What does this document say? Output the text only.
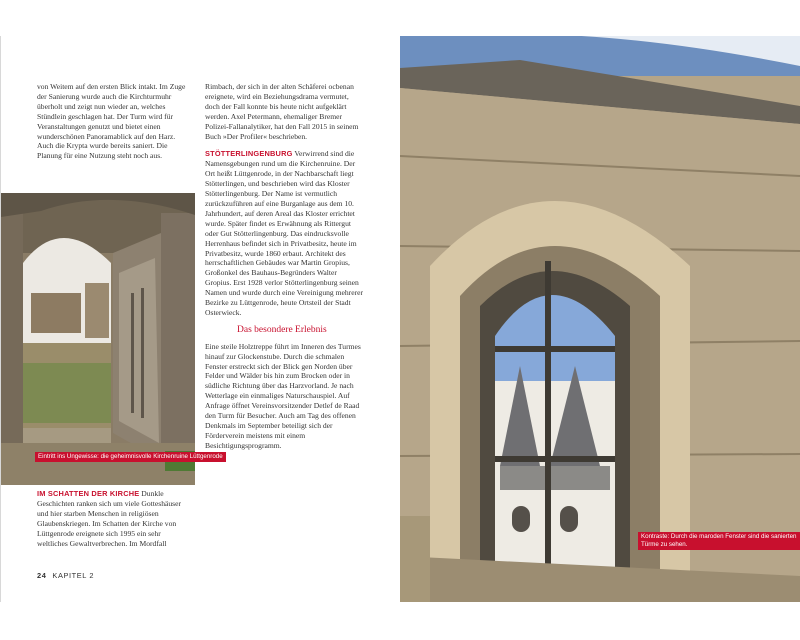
von Weitem auf den ersten Blick intakt. Im Zuge der Sanierung wurde auch die Kirchturmuhr überholt und zeigt nun wieder an, welches Stündlein geschlagen hat. Der Turm wird für Veranstaltungen genutzt und bietet einen wunderschönen Panoramablick auf den Harz. Auch die Krypta wurde bereits saniert. Die Planung für eine Nutzung steht noch aus.

Eintritt ins Ungewisse: die geheimnisvolle Kirchenruine Lüttgenrode

IM SCHATTEN DER KIRCHE Dunkle Geschichten ranken sich um viele Gotteshäuser und hier starben Menschen in religiösen Glaubenskriegen. Im Schatten der Kirche von Lüttgenrode ereignete sich 1995 ein sehr weltliches Gewaltverbrechen. Im Mordfall

Rimbach, der sich in der alten Schäferei ocbenan ereignete, wird ein Beziehungsdrama vermutet, doch der Fall konnte bis heute nicht aufgeklärt werden. Axel Petermann, ehemaliger Bremer Polizei-Fallanalytiker, hat den Fall 2015 in seinem Buch »Der Profiler« beschrieben.

STÖTTERLINGENBURG Verwirrend sind die Namensgebungen rund um die Kirchenruine. Der Ort heißt Lüttgenrode, in der Nachbarschaft liegt Stötterlingen, und beschrieben wird das Kloster Stötterlingenburg. Der Name ist vermutlich zurückzuführen auf eine Burganlage aus dem 10. Jahrhundert, auf deren Areal das Kloster errichtet wurde. Später findet es Erwähnung als Rittergut oder Gut Stötterlingenburg. Das eindrucksvolle Herrenhaus befindet sich in Privatbesitz, heute im Privatbesitz, wurde 1860 erbaut. Architekt des herrschaftlichen Gebäudes war Martin Gropius, Großonkel des Bauhaus-Begründers Walter Gropius. Erst 1928 verlor Stötterlingenburg seinen Namen und wurde durch eine Vereinigung mehrerer Bezirke zu Lüttgenrode, heute Ortsteil der Stadt Osterwieck.

Das besondere Erlebnis

Eine steile Holztreppe führt im Inneren des Turmes hinauf zur Glockenstube. Durch die schmalen Fenster erstreckt sich der Blick gen Norden über Felder und Wälder bis hin zum Brocken oder in südliche Richtung über das Harzvorland. Je nach Wetterlage ein einmaliges Naturschauspiel. Auf Anfrage öffnet Vereinsvorsitzender Detlef de Raad den Turm für Besucher. Auch am Tag des offenen Denkmals im September beteiligt sich der Förderverein meistens mit einem Besichtigungsprogramm.

24 KAPITEL 2
Kontraste: Durch die maroden Fenster sind die sanierten Türme zu sehen.
